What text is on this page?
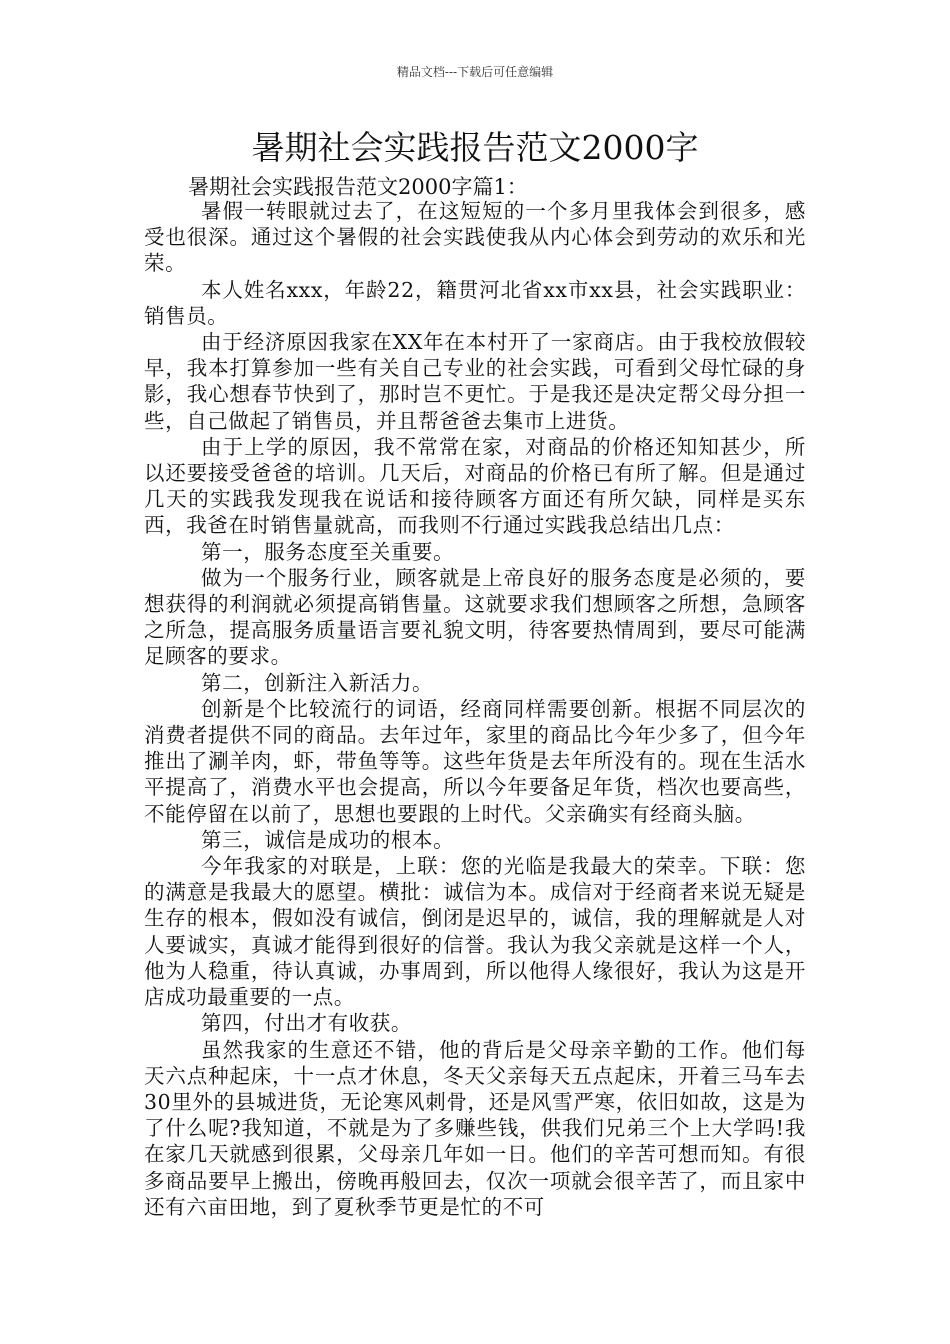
精品文档---下载后可任意编辑
暑期社会实践报告范文2000字

暑期社会实践报告范文2000字篇1：

暑假一转眼就过去了，在这短短的一个多月里我体会到很多，感受也很深。通过这个暑假的社会实践使我从内心体会到劳动的欢乐和光荣。

本人姓名xxx，年龄22，籍贯河北省xx市xx县，社会实践职业：销售员。

由于经济原因我家在XX年在本村开了一家商店。由于我校放假较早，我本打算参加一些有关自己专业的社会实践，可看到父母忙碌的身影，我心想春节快到了，那时岂不更忙。于是我还是决定帮父母分担一些，自己做起了销售员，并且帮爸爸去集市上进货。

由于上学的原因，我不常常在家，对商品的价格还知知甚少，所以还要接受爸爸的培训。几天后，对商品的价格已有所了解。但是通过几天的实践我发现我在说话和接待顾客方面还有所欠缺，同样是买东西，我爸在时销售量就高，而我则不行通过实践我总结出几点：

第一，服务态度至关重要。

做为一个服务行业，顾客就是上帝良好的服务态度是必须的，要想获得的利润就必须提高销售量。这就要求我们想顾客之所想，急顾客之所急，提高服务质量语言要礼貌文明，待客要热情周到，要尽可能满足顾客的要求。

第二，创新注入新活力。

创新是个比较流行的词语，经商同样需要创新。根据不同层次的消费者提供不同的商品。去年过年，家里的商品比今年少多了，但今年推出了涮羊肉，虾，带鱼等等。这些年货是去年所没有的。现在生活水平提高了，消费水平也会提高，所以今年要备足年货，档次也要高些，不能停留在以前了，思想也要跟的上时代。父亲确实有经商头脑。

第三，诚信是成功的根本。

今年我家的对联是，上联：您的光临是我最大的荣幸。下联：您的满意是我最大的愿望。横批：诚信为本。成信对于经商者来说无疑是生存的根本，假如没有诚信，倒闭是迟早的，诚信，我的理解就是人对人要诚实，真诚才能得到很好的信誉。我认为我父亲就是这样一个人，他为人稳重，待认真诚，办事周到，所以他得人缘很好，我认为这是开店成功最重要的一点。

第四，付出才有收获。

虽然我家的生意还不错，他的背后是父母亲辛勤的工作。他们每天六点种起床，十一点才休息，冬天父亲每天五点起床，开着三马车去30里外的县城进货，无论寒风刺骨，还是风雪严寒，依旧如故，这是为了什么呢?我知道，不就是为了多赚些钱，供我们兄弟三个上大学吗!我在家几天就感到很累，父母亲几年如一日。他们的辛苦可想而知。有很多商品要早上搬出，傍晚再般回去，仅次一项就会很辛苦了，而且家中还有六亩田地，到了夏秋季节更是忙的不可
